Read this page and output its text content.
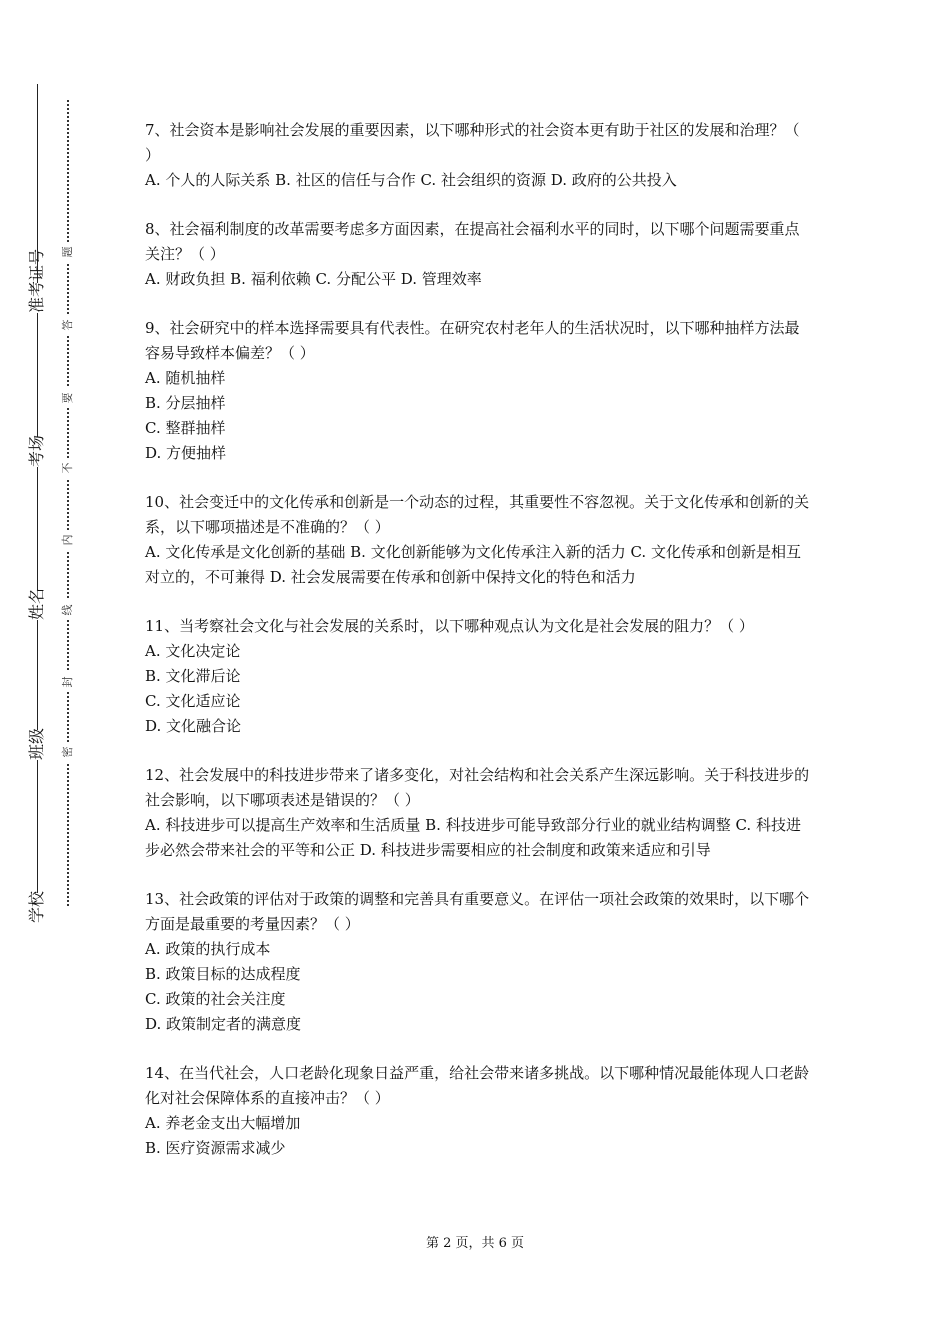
准考证号
考场
姓名
班级
学校
题
答
要
不
内
线
封
密

7、社会资本是影响社会发展的重要因素，以下哪种形式的社会资本更有助于社区的发展和治理？（ ）

A. 个人的人际关系 B. 社区的信任与合作 C. 社会组织的资源 D. 政府的公共投入

8、社会福利制度的改革需要考虑多方面因素，在提高社会福利水平的同时，以下哪个问题需要重点关注？（ ）

A. 财政负担 B. 福利依赖 C. 分配公平 D. 管理效率

9、社会研究中的样本选择需要具有代表性。在研究农村老年人的生活状况时，以下哪种抽样方法最容易导致样本偏差？（ ）

A. 随机抽样

B. 分层抽样

C. 整群抽样

D. 方便抽样

10、社会变迁中的文化传承和创新是一个动态的过程，其重要性不容忽视。关于文化传承和创新的关系，以下哪项描述是不准确的？（ ）

A. 文化传承是文化创新的基础 B. 文化创新能够为文化传承注入新的活力 C. 文化传承和创新是相互对立的，不可兼得 D. 社会发展需要在传承和创新中保持文化的特色和活力

11、当考察社会文化与社会发展的关系时，以下哪种观点认为文化是社会发展的阻力？（ ）

A. 文化决定论

B. 文化滞后论

C. 文化适应论

D. 文化融合论

12、社会发展中的科技进步带来了诸多变化，对社会结构和社会关系产生深远影响。关于科技进步的社会影响，以下哪项表述是错误的？（ ）

A. 科技进步可以提高生产效率和生活质量 B. 科技进步可能导致部分行业的就业结构调整 C. 科技进步必然会带来社会的平等和公正 D. 科技进步需要相应的社会制度和政策来适应和引导

13、社会政策的评估对于政策的调整和完善具有重要意义。在评估一项社会政策的效果时，以下哪个方面是最重要的考量因素？（ ）

A. 政策的执行成本

B. 政策目标的达成程度

C. 政策的社会关注度

D. 政策制定者的满意度

14、在当代社会，人口老龄化现象日益严重，给社会带来诸多挑战。以下哪种情况最能体现人口老龄化对社会保障体系的直接冲击？（ ）

A. 养老金支出大幅增加

B. 医疗资源需求减少

第 2 页，共 6 页
